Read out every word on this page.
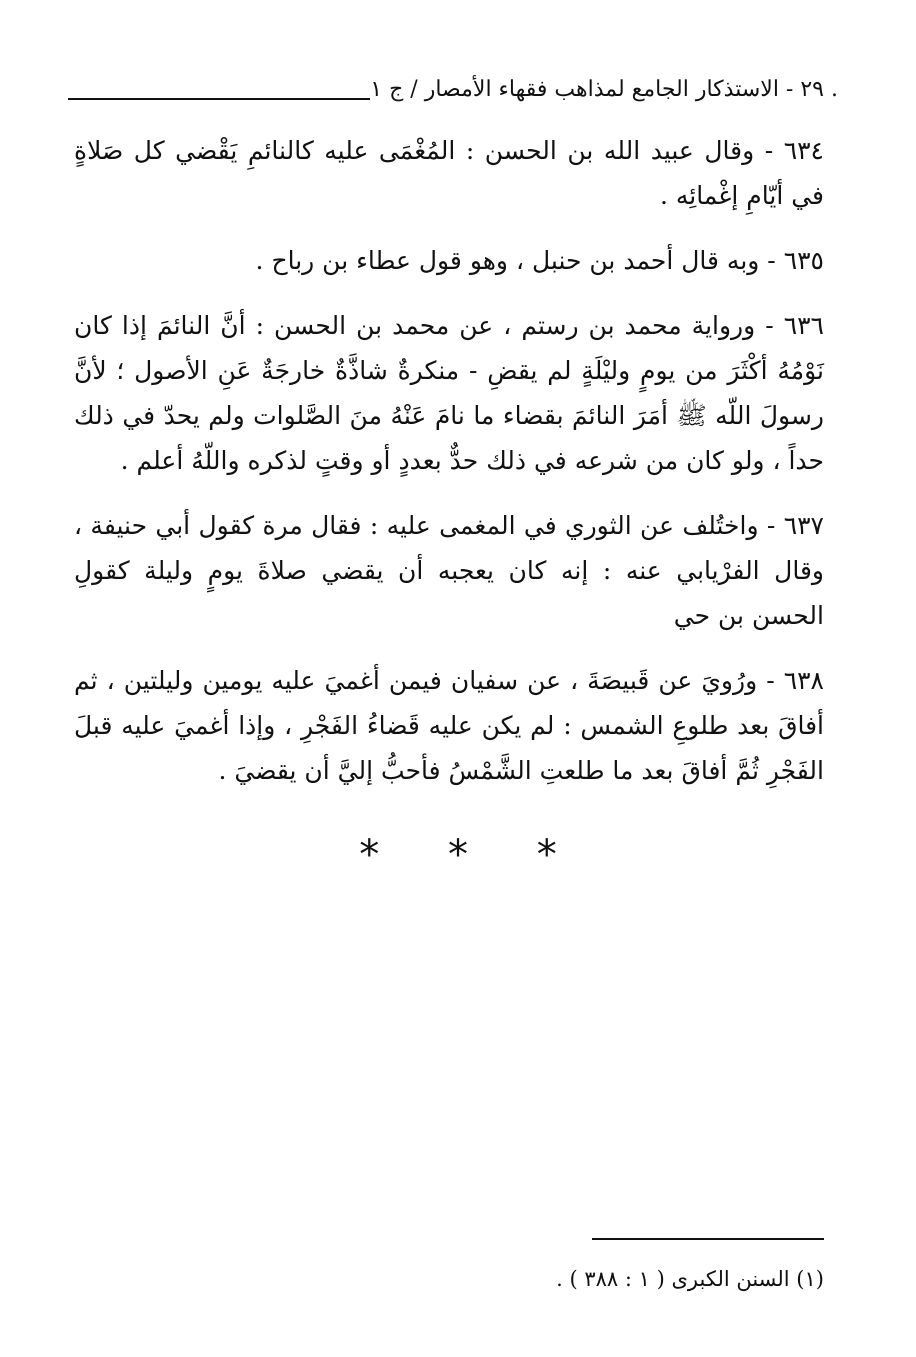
. ٢٩ - الاستذكار الجامع لمذاهب فقهاء الأمصار / ج ١

٦٣٤ - وقال عبيد الله بن الحسن : المُغْمَى عليه كالنائمِ يَقْضي كل صَلاةٍ في أيّامِ إغْمائِه .

٦٣٥ - وبه قال أحمد بن حنبل ، وهو قول عطاء بن رباح .

٦٣٦ - ورواية محمد بن رستم ، عن محمد بن الحسن : أنَّ النائمَ إذا كان نَوْمُهُ أكْثَرَ من يومٍ وليْلَةٍ لم يقضِ - منكرةٌ شاذَّةٌ خارجَةٌ عَنِ الأصول ؛ لأنَّ رسولَ اللّه ﷺ أمَرَ النائمَ بقضاء ما نامَ عَنْهُ منَ الصَّلوات ولم يحدّ في ذلك حداً ، ولو كان من شرعه في ذلك حدٌّ بعددٍ أو وقتٍ لذكره واللّهُ أعلم .

٦٣٧ - واختُلف عن الثوري في المغمى عليه : فقال مرة كقول أبي حنيفة ، وقال الفرْيابي عنه : إنه كان يعجبه أن يقضي صلاةَ يومٍ وليلة كقولِ الحسن بن حي

٦٣٨ - ورُويَ عن قَبيصَةَ ، عن سفيان فيمن أغميَ عليه يومين وليلتين ، ثم أفاقَ بعد طلوعِ الشمس : لم يكن عليه قَضاءُ الفَجْرِ ، وإذا أغميَ عليه قبلَ الفَجْرِ ثُمَّ أفاقَ بعد ما طلعتِ الشَّمْسُ فأحبُّ إليَّ أن يقضيَ .

* * *
(١) السنن الكبرى ( ١ : ٣٨٨ ) .
